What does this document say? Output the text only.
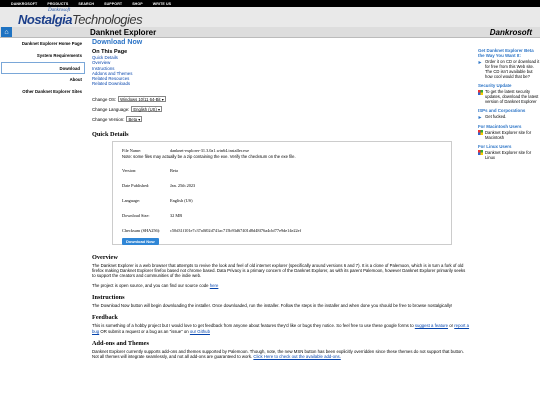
DANKROSOFT	PRODUCTS	SEARCH	SUPPORT	SHOP	WRITE US
Dankrosoft
NostalgiaTechnologies
⌂	Danknet Explorer	Dankrosoft
Danknet Explorer Home Page
System Requirements
Download
About
Other Danknet Explorer Sites
Download Now
On This Page
Quick Details
Overview
Instructions
Addons and Themes
Related Resources
Related Downloads
Change OS: Windows 10/11 64-Bit ▾
Change Language: English (US) ▾
Change Version: Beta ▾
Quick Details
File Name:	danknet-explorer-31.3.0a1.win64.installer.exe
Note: some files may actually be a zip containing the exe. Verify the checksum on the exe file.
Version:	Beta
Date Published:	Jan. 25th 2023
Language:	English (US)
Download Size:	32 MB
Checksum (SHA256):	c50d31f101e7c37a0f02d741ac715b93d67401d8d48f76a4cbf77e9de14e22ef
Download Now
Overview
The Danknet Explorer is a web browser that attempts to revive the look and feel of old internet explorer (specifically around versions 6 and 7). It is a clone of Palemoon, which is in turn a fork of old firefox making Danknet Explorer firefox based not chrome based. Data Privacy is a primary concern of the Danknet Explorer, as with its parent Palemoon, however Danknet Explorer primarily seeks to support the creators and communities of the indie web.
The project is open source, and you can find our source code here
Instructions
The Download Now button will begin downloading the installer. Once downloaded, run the installer. Follow the steps in the installer and when done you should be free to browse nostalgically!
Feedback
This is something of a hobby project but I would love to get feedback from anyone about features they'd like or bugs they notice. So feel free to use these google forms to suggest a feature or report a bug OR submit a request or a bug as an "issue" on our Github
Add-ons and Themes
Danknet Explorer currently supports add-ons and themes supported by Palemoon. Though, note, the new MSN button has been explicitly overridden since these themes do not support that button. Not all themes will integrate seamlessly, and not all add-ons are guaranteed to work. Click Here to check out the available add-ons.
Get Danknet Explorer Beta the Way You Want It:
Order it on CD or download it for free from this Web site. The CD isn't available but how cool would that be?
Security Update
To get the latest security updates, download the latest version of Danknet Explorer
ISPs and Corporations
Get fucked.
For Macintosh Users
Danknet Explorer site for Macintosh
For Linux Users
Danknet Explorer site for Linux
